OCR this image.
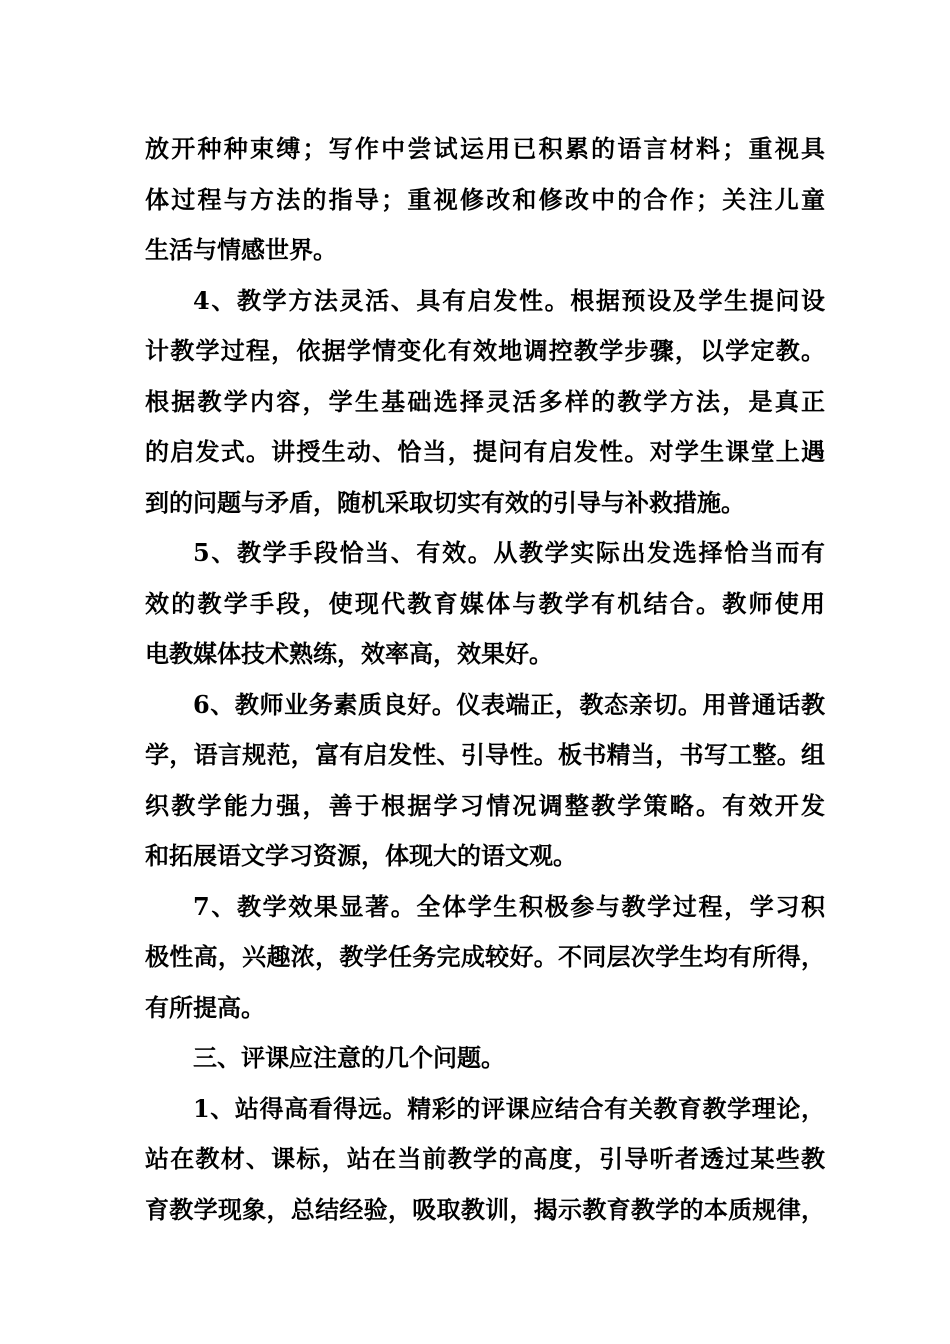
放开种种束缚；写作中尝试运用已积累的语言材料；重视具
体过程与方法的指导；重视修改和修改中的合作；关注儿童
生活与情感世界。
4、教学方法灵活、具有启发性。根据预设及学生提问设
计教学过程，依据学情变化有效地调控教学步骤，以学定教。
根据教学内容，学生基础选择灵活多样的教学方法，是真正
的启发式。讲授生动、恰当，提问有启发性。对学生课堂上遇
到的问题与矛盾，随机采取切实有效的引导与补救措施。
5、教学手段恰当、有效。从教学实际出发选择恰当而有
效的教学手段，使现代教育媒体与教学有机结合。教师使用
电教媒体技术熟练，效率高，效果好。
6、教师业务素质良好。仪表端正，教态亲切。用普通话教
学，语言规范，富有启发性、引导性。板书精当，书写工整。组
织教学能力强，善于根据学习情况调整教学策略。有效开发
和拓展语文学习资源，体现大的语文观。
7、教学效果显著。全体学生积极参与教学过程，学习积
极性高，兴趣浓，教学任务完成较好。不同层次学生均有所得，
有所提高。
三、评课应注意的几个问题。
1、站得高看得远。精彩的评课应结合有关教育教学理论，
站在教材、课标，站在当前教学的高度，引导听者透过某些教
育教学现象，总结经验，吸取教训，揭示教育教学的本质规律，
